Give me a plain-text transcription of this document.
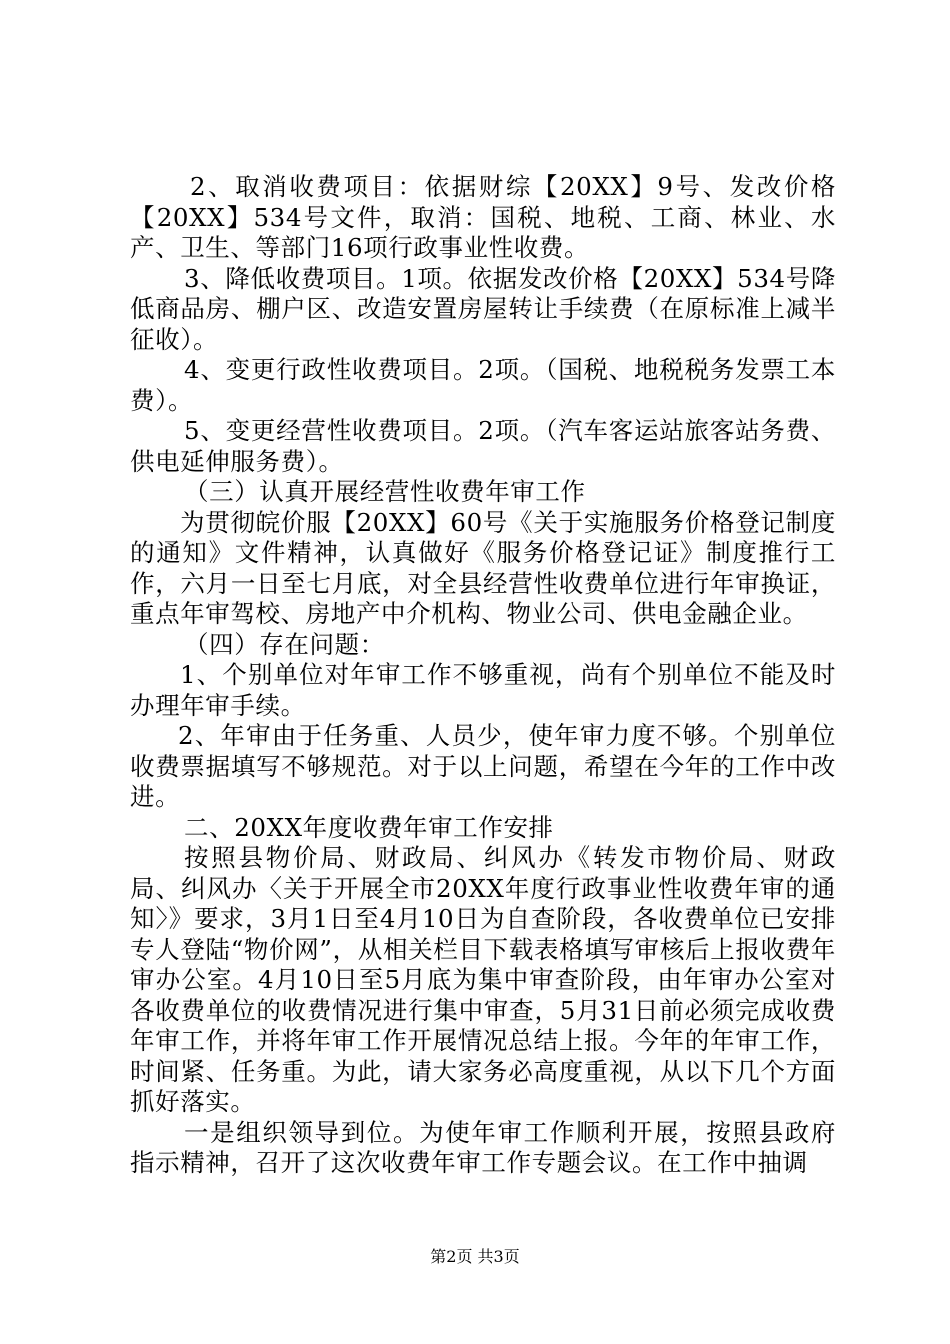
2、取消收费项目：依据财综【20XX】9号、发改价格【20XX】534号文件，取消：国税、地税、工商、林业、水产、卫生、等部门16项行政事业性收费。

3、降低收费项目。1项。依据发改价格【20XX】534号降低商品房、棚户区、改造安置房屋转让手续费（在原标准上减半征收）。

4、变更行政性收费项目。2项。（国税、地税税务发票工本费）。

5、变更经营性收费项目。2项。（汽车客运站旅客站务费、供电延伸服务费）。

（三）认真开展经营性收费年审工作

为贯彻皖价服【20XX】60号《关于实施服务价格登记制度的通知》文件精神，认真做好《服务价格登记证》制度推行工作，六月一日至七月底，对全县经营性收费单位进行年审换证，重点年审驾校、房地产中介机构、物业公司、供电金融企业。

（四）存在问题：

1、个别单位对年审工作不够重视，尚有个别单位不能及时办理年审手续。

2、年审由于任务重、人员少，使年审力度不够。个别单位收费票据填写不够规范。对于以上问题，希望在今年的工作中改进。

二、20XX年度收费年审工作安排

按照县物价局、财政局、纠风办《转发市物价局、财政局、纠风办〈关于开展全市20XX年度行政事业性收费年审的通知〉》要求，3月1日至4月10日为自查阶段，各收费单位已安排专人登陆“物价网”，从相关栏目下载表格填写审核后上报收费年审办公室。4月10日至5月底为集中审查阶段，由年审办公室对各收费单位的收费情况进行集中审查，5月31日前必须完成收费年审工作，并将年审工作开展情况总结上报。今年的年审工作，时间紧、任务重。为此，请大家务必高度重视，从以下几个方面抓好落实。

一是组织领导到位。为使年审工作顺利开展，按照县政府指示精神，召开了这次收费年审工作专题会议。在工作中抽调

第2页 共3页
